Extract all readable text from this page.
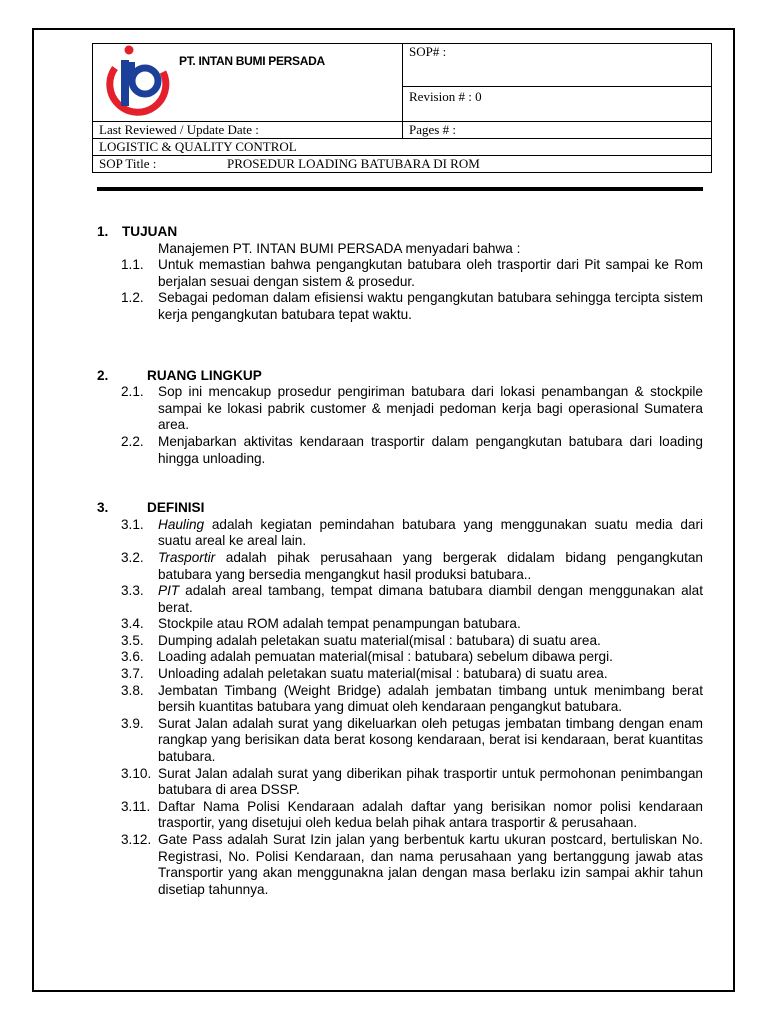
PT. INTAN BUMI PERSADA	SOP# :
	Revision # : 0
Last Reviewed / Update Date :	Pages # :
LOGISTIC & QUALITY CONTROL	
SOP Title : PROSEDUR LOADING BATUBARA DI ROM	
1.	TUJUAN
Manajemen PT. INTAN BUMI PERSADA menyadari bahwa :
1.1.	Untuk memastian bahwa pengangkutan batubara oleh trasportir dari Pit sampai ke Rom berjalan sesuai dengan sistem & prosedur.
1.2.	Sebagai pedoman dalam efisiensi waktu pengangkutan batubara sehingga tercipta sistem kerja pengangkutan batubara tepat waktu.
2.	RUANG LINGKUP
2.1.	Sop ini mencakup prosedur pengiriman batubara dari lokasi penambangan & stockpile sampai ke lokasi pabrik customer & menjadi pedoman kerja bagi operasional Sumatera area.
2.2.	Menjabarkan aktivitas kendaraan trasportir dalam pengangkutan batubara dari loading hingga unloading.
3.	DEFINISI
3.1.	Hauling adalah kegiatan pemindahan batubara yang menggunakan suatu media dari suatu areal ke areal lain.
3.2.	Trasportir adalah pihak perusahaan yang bergerak didalam bidang pengangkutan batubara yang bersedia mengangkut hasil produksi batubara..
3.3.	PIT adalah areal tambang, tempat dimana batubara diambil dengan menggunakan alat berat.
3.4.	Stockpile atau ROM adalah tempat penampungan batubara.
3.5.	Dumping adalah peletakan suatu material(misal : batubara) di suatu area.
3.6.	Loading adalah pemuatan material(misal : batubara) sebelum dibawa pergi.
3.7.	Unloading adalah peletakan suatu material(misal : batubara) di suatu area.
3.8.	Jembatan Timbang (Weight Bridge) adalah jembatan timbang untuk menimbang berat bersih kuantitas batubara yang dimuat oleh kendaraan pengangkut batubara.
3.9.	Surat Jalan adalah surat yang dikeluarkan oleh petugas jembatan timbang dengan enam rangkap yang berisikan data berat kosong kendaraan, berat isi kendaraan, berat kuantitas batubara.
3.10. Surat Jalan adalah surat yang diberikan pihak trasportir untuk permohonan penimbangan batubara di area DSSP.
3.11. Daftar Nama Polisi Kendaraan adalah daftar yang berisikan nomor polisi kendaraan trasportir, yang disetujui oleh kedua belah pihak antara trasportir & perusahaan.
3.12. Gate Pass adalah Surat Izin jalan yang berbentuk kartu ukuran postcard, bertuliskan No. Registrasi, No. Polisi Kendaraan, dan nama perusahaan yang bertanggung jawab atas Transportir yang akan menggunakna jalan dengan masa berlaku izin sampai akhir tahun disetiap tahunnya.
